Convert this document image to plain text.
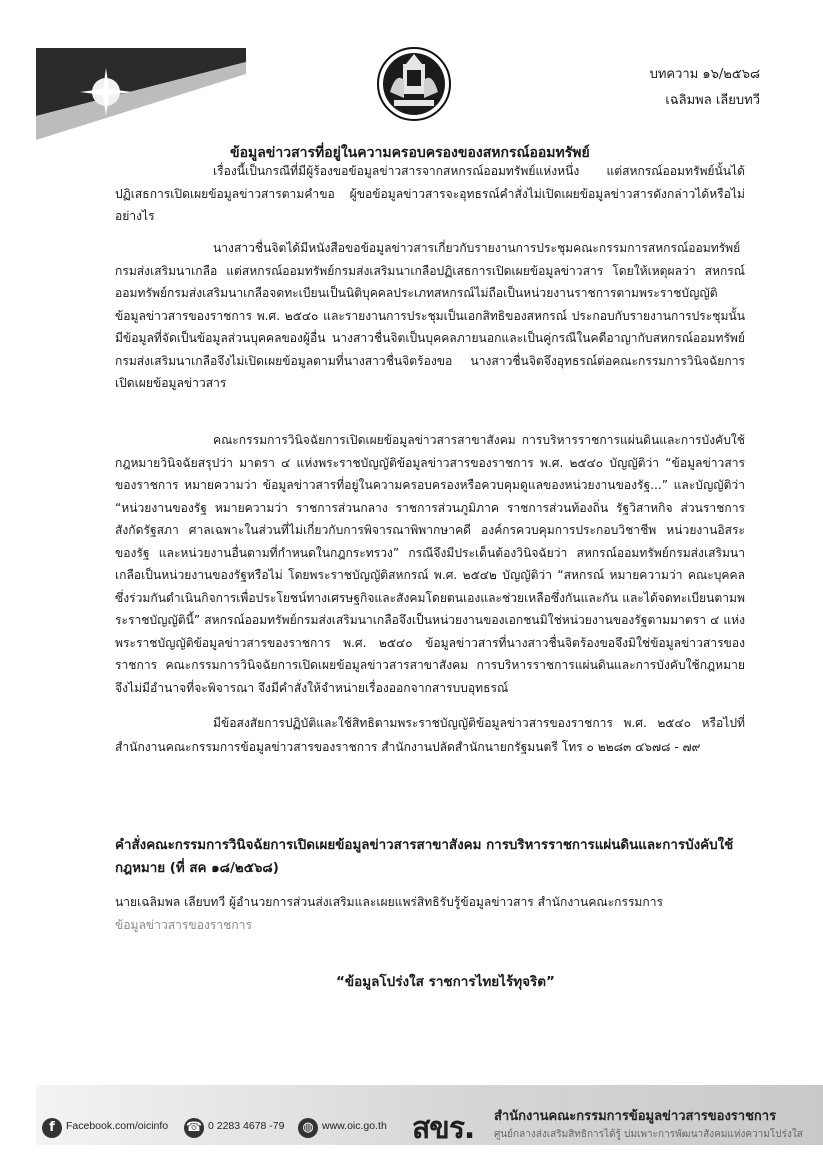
บทความ ๑๖/๒๕๖๘
เฉลิมพล เลียบทวี
ข้อมูลข่าวสารที่อยู่ในความครอบครองของสหกรณ์ออมทรัพย์

เรื่องนี้เป็นกรณีที่มีผู้ร้องขอข้อมูลข่าวสารจากสหกรณ์ออมทรัพย์แห่งหนึ่ง แต่สหกรณ์ออมทรัพย์นั้นได้ปฏิเสธการเปิดเผยข้อมูลข่าวสารตามคำขอ ผู้ขอข้อมูลข่าวสารจะอุทธรณ์คำสั่งไม่เปิดเผยข้อมูลข่าวสารดังกล่าวได้หรือไม่ อย่างไร

นางสาวชื่นจิตได้มีหนังสือขอข้อมูลข่าวสารเกี่ยวกับรายงานการประชุมคณะกรรมการสหกรณ์ออมทรัพย์กรมส่งเสริมนาเกลือ แต่สหกรณ์ออมทรัพย์กรมส่งเสริมนาเกลือปฏิเสธการเปิดเผยข้อมูลข่าวสาร โดยให้เหตุผลว่า สหกรณ์ออมทรัพย์กรมส่งเสริมนาเกลือจดทะเบียนเป็นนิติบุคคลประเภทสหกรณ์ไม่ถือเป็นหน่วยงานราชการตามพระราชบัญญัติข้อมูลข่าวสารของราชการ พ.ศ. ๒๕๔๐ และรายงานการประชุมเป็นเอกสิทธิของสหกรณ์ ประกอบกับรายงานการประชุมนั้นมีข้อมูลที่จัดเป็นข้อมูลส่วนบุคคลของผู้อื่น นางสาวชื่นจิตเป็นบุคคลภายนอกและเป็นคู่กรณีในคดีอาญากับสหกรณ์ออมทรัพย์กรมส่งเสริมนาเกลือจึงไม่เปิดเผยข้อมูลตามที่นางสาวชื่นจิตร้องขอ นางสาวชื่นจิตจึงอุทธรณ์ต่อคณะกรรมการวินิจฉัยการเปิดเผยข้อมูลข่าวสาร

คณะกรรมการวินิจฉัยการเปิดเผยข้อมูลข่าวสารสาขาสังคม การบริหารราชการแผ่นดินและการบังคับใช้กฎหมายวินิจฉัยสรุปว่า มาตรา ๔ แห่งพระราชบัญญัติข้อมูลข่าวสารของราชการ พ.ศ. ๒๕๔๐ บัญญัติว่า “ข้อมูลข่าวสารของราชการ หมายความว่า ข้อมูลข่าวสารที่อยู่ในความครอบครองหรือควบคุมดูแลของหน่วยงานของรัฐ...” และบัญญัติว่า “หน่วยงานของรัฐ หมายความว่า ราชการส่วนกลาง ราชการส่วนภูมิภาค ราชการส่วนท้องถิ่น รัฐวิสาหกิจ ส่วนราชการสังกัดรัฐสภา ศาลเฉพาะในส่วนที่ไม่เกี่ยวกับการพิจารณาพิพากษาคดี องค์กรควบคุมการประกอบวิชาชีพ หน่วยงานอิสระของรัฐ และหน่วยงานอื่นตามที่กำหนดในกฎกระทรวง” กรณีจึงมีประเด็นต้องวินิจฉัยว่า สหกรณ์ออมทรัพย์กรมส่งเสริมนาเกลือเป็นหน่วยงานของรัฐหรือไม่ โดยพระราชบัญญัติสหกรณ์ พ.ศ. ๒๕๔๒ บัญญัติว่า “สหกรณ์ หมายความว่า คณะบุคคลซึ่งร่วมกันดำเนินกิจการเพื่อประโยชน์ทางเศรษฐกิจและสังคมโดยตนเองและช่วยเหลือซึ่งกันและกัน และได้จดทะเบียนตามพระราชบัญญัตินี้” สหกรณ์ออมทรัพย์กรมส่งเสริมนาเกลือจึงเป็นหน่วยงานของเอกชนมิใช่หน่วยงานของรัฐตามมาตรา ๔ แห่งพระราชบัญญัติข้อมูลข่าวสารของราชการ พ.ศ. ๒๕๔๐ ข้อมูลข่าวสารที่นางสาวชื่นจิตร้องขอจึงมิใช่ข้อมูลข่าวสารของราชการ คณะกรรมการวินิจฉัยการเปิดเผยข้อมูลข่าวสารสาขาสังคม การบริหารราชการแผ่นดินและการบังคับใช้กฎหมายจึงไม่มีอำนาจที่จะพิจารณา จึงมีคำสั่งให้จำหน่ายเรื่องออกจากสารบบอุทธรณ์

มีข้อสงสัยการปฏิบัติและใช้สิทธิตามพระราชบัญญัติข้อมูลข่าวสารของราชการ พ.ศ. ๒๕๔๐ หรือไปที่สำนักงานคณะกรรมการข้อมูลข่าวสารของราชการ สำนักงานปลัดสำนักนายกรัฐมนตรี โทร ๐ ๒๒๘๓ ๔๖๗๘ - ๗๙

คำสั่งคณะกรรมการวินิจฉัยการเปิดเผยข้อมูลข่าวสารสาขาสังคม การบริหารราชการแผ่นดินและการบังคับใช้กฎหมาย (ที่ สค ๑๘/๒๕๖๘)

นายเฉลิมพล เลียบทวี ผู้อำนวยการส่วนส่งเสริมและเผยแพร่สิทธิรับรู้ข้อมูลข่าวสาร สำนักงานคณะกรรมการ
ข้อมูลข่าวสารของราชการ

“ข้อมูลโปร่งใส ราชการไทยไร้ทุจริต”
f	Facebook.com/oicinfo ☎ 0 2283 4678 -79	◍ www.oic.go.th สขร. สำนักงานคณะกรรมการข้อมูลข่าวสารของราชการ
ศูนย์กลางส่งเสริมสิทธิการได้รู้ บ่มเพาะการพัฒนาสังคมแห่งความโปร่งใส
